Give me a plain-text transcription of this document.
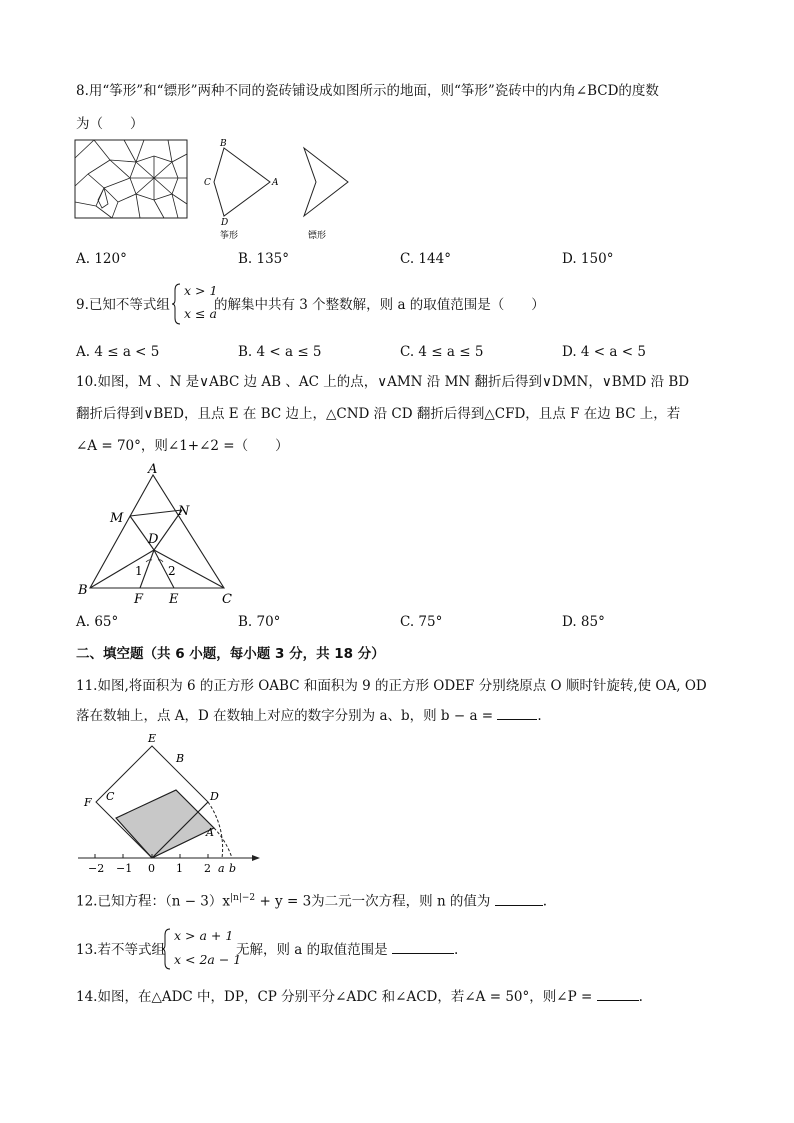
8.用“筝形”和“镖形”两种不同的瓷砖铺设成如图所示的地面，则“筝形”瓷砖中的内角∠BCD的度数
为（　　）
B
C	A
D
筝形	镖形
A. 120°	B. 135°	C. 144°	D. 150°
9.已知不等式组
x > 1
x ≤ a
的解集中共有 3 个整数解，则 a 的取值范围是（　　）
A. 4 ≤ a < 5	B. 4 < a ≤ 5	C. 4 ≤ a ≤ 5	D. 4 < a < 5
10.如图，M 、N 是∨ABC 边 AB 、AC 上的点，∨AMN 沿 MN 翻折后得到∨DMN，∨BMD 沿 BD
翻折后得到∨BED，且点 E 在 BC 边上，△CND 沿 CD 翻折后得到△CFD，且点 F 在边 BC 上，若
∠A = 70°，则∠1+∠2 =（　　）
A
M	N
D
1 2
B
F E	C
A. 65°	B. 70°	C. 75°	D. 85°
二、填空题（共 6 小题，每小题 3 分，共 18 分）
11.如图,将面积为 6 的正方形 OABC 和面积为 9 的正方形 ODEF 分别绕原点 O 顺时针旋转,使 OA, OD
落在数轴上，点 A，D 在数轴上对应的数字分别为 a、b，则 b − a =	.
−2 −1 0 1 2 a b
E
B
F C	D
A
12.已知方程：$(n - 3)x^{|n|-2} + y = 3$为二元一次方程，则 n 的值为	.
13.若不等式组
x > a + 1
x < 2a − 1
无解，则 a 的取值范围是	.
14.如图，在△ADC 中，DP，CP 分别平分∠ADC 和∠ACD，若∠A = 50°，则∠P =	.
